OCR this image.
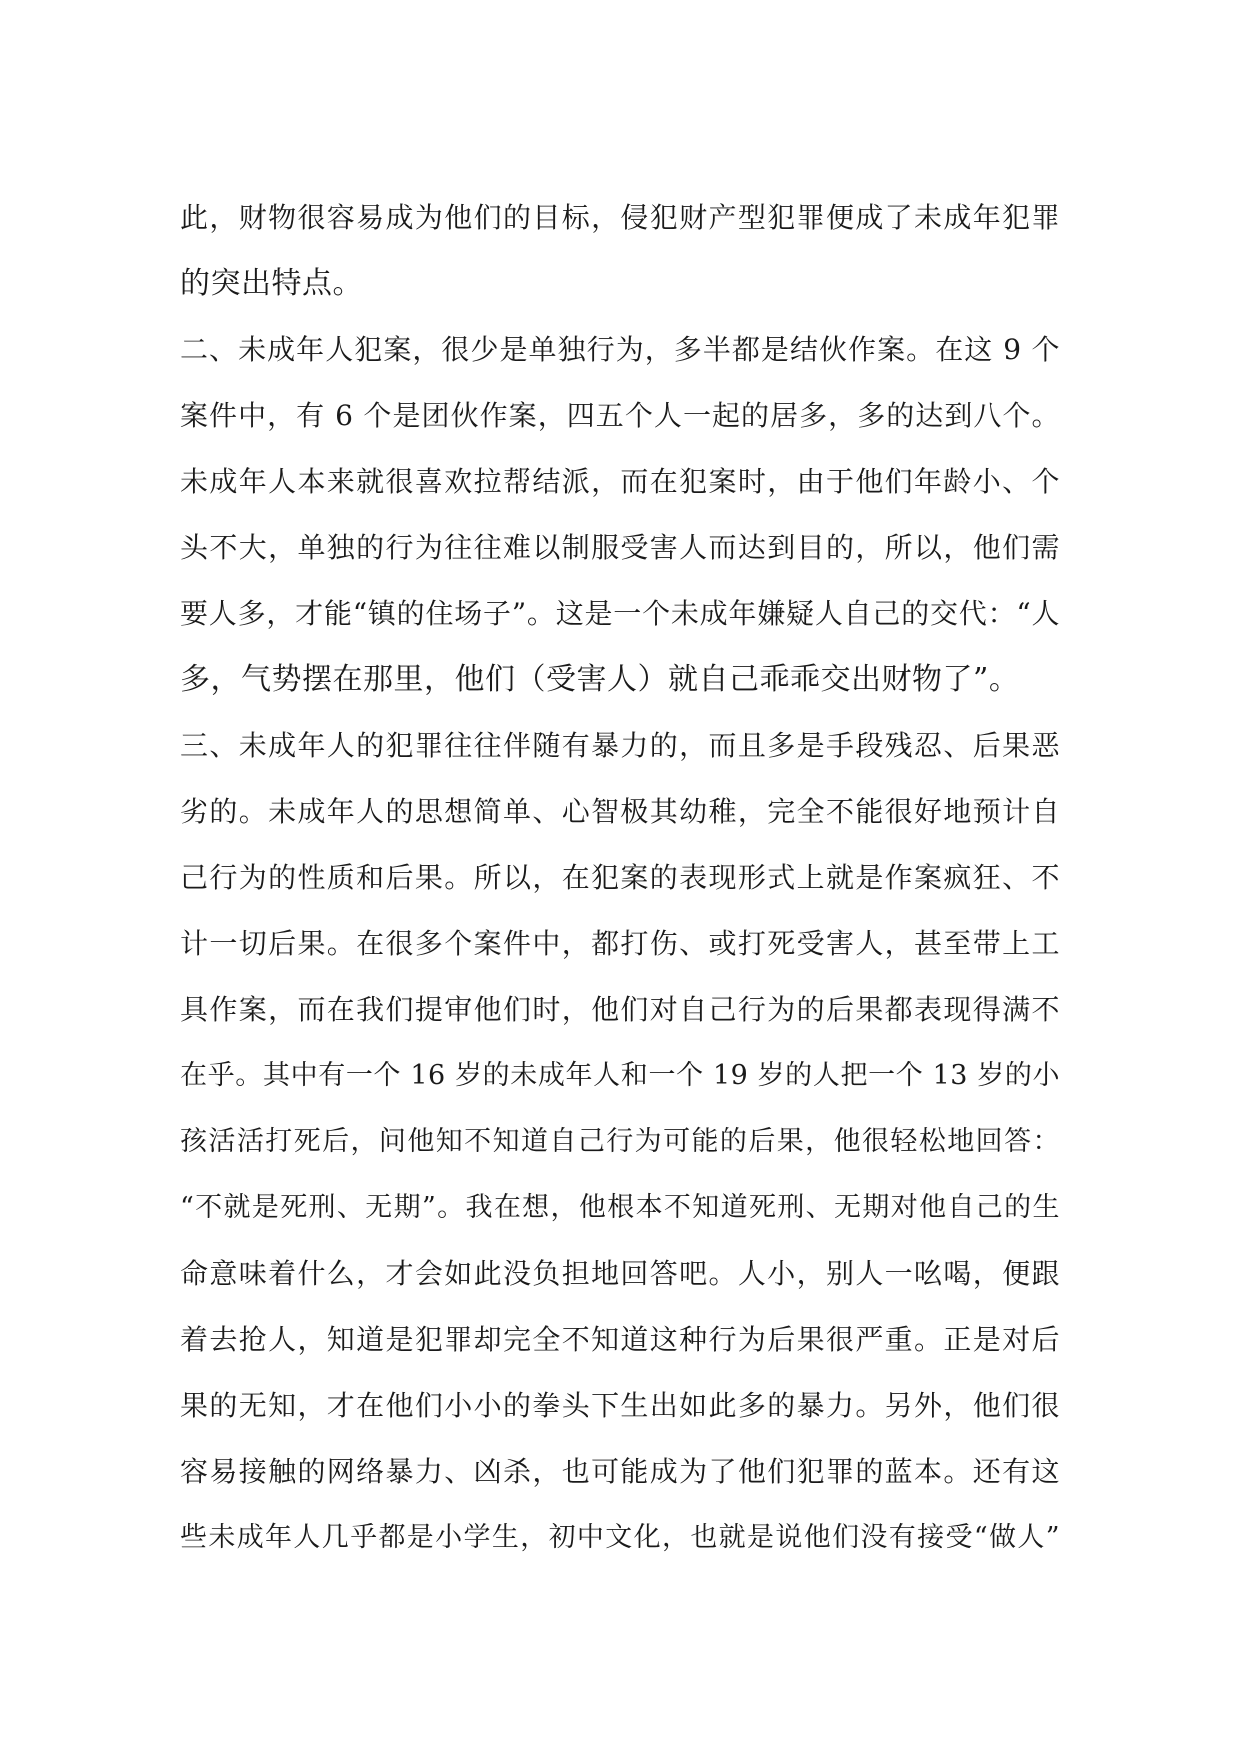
此，财物很容易成为他们的目标，侵犯财产型犯罪便成了未成年犯罪
的突出特点。
二、未成年人犯案，很少是单独行为，多半都是结伙作案。在这 9 个
案件中，有 6 个是团伙作案，四五个人一起的居多，多的达到八个。
未成年人本来就很喜欢拉帮结派，而在犯案时，由于他们年龄小、个
头不大，单独的行为往往难以制服受害人而达到目的，所以，他们需
要人多，才能“镇的住场子”。这是一个未成年嫌疑人自己的交代：“人
多，气势摆在那里，他们（受害人）就自己乖乖交出财物了”。
三、未成年人的犯罪往往伴随有暴力的，而且多是手段残忍、后果恶
劣的。未成年人的思想简单、心智极其幼稚，完全不能很好地预计自
己行为的性质和后果。所以，在犯案的表现形式上就是作案疯狂、不
计一切后果。在很多个案件中，都打伤、或打死受害人，甚至带上工
具作案，而在我们提审他们时，他们对自己行为的后果都表现得满不
在乎。其中有一个 16 岁的未成年人和一个 19 岁的人把一个 13 岁的小
孩活活打死后，问他知不知道自己行为可能的后果，他很轻松地回答：
“不就是死刑、无期”。我在想，他根本不知道死刑、无期对他自己的生
命意味着什么，才会如此没负担地回答吧。人小，别人一吆喝，便跟
着去抢人，知道是犯罪却完全不知道这种行为后果很严重。正是对后
果的无知，才在他们小小的拳头下生出如此多的暴力。另外，他们很
容易接触的网络暴力、凶杀，也可能成为了他们犯罪的蓝本。还有这
些未成年人几乎都是小学生，初中文化，也就是说他们没有接受“做人”
